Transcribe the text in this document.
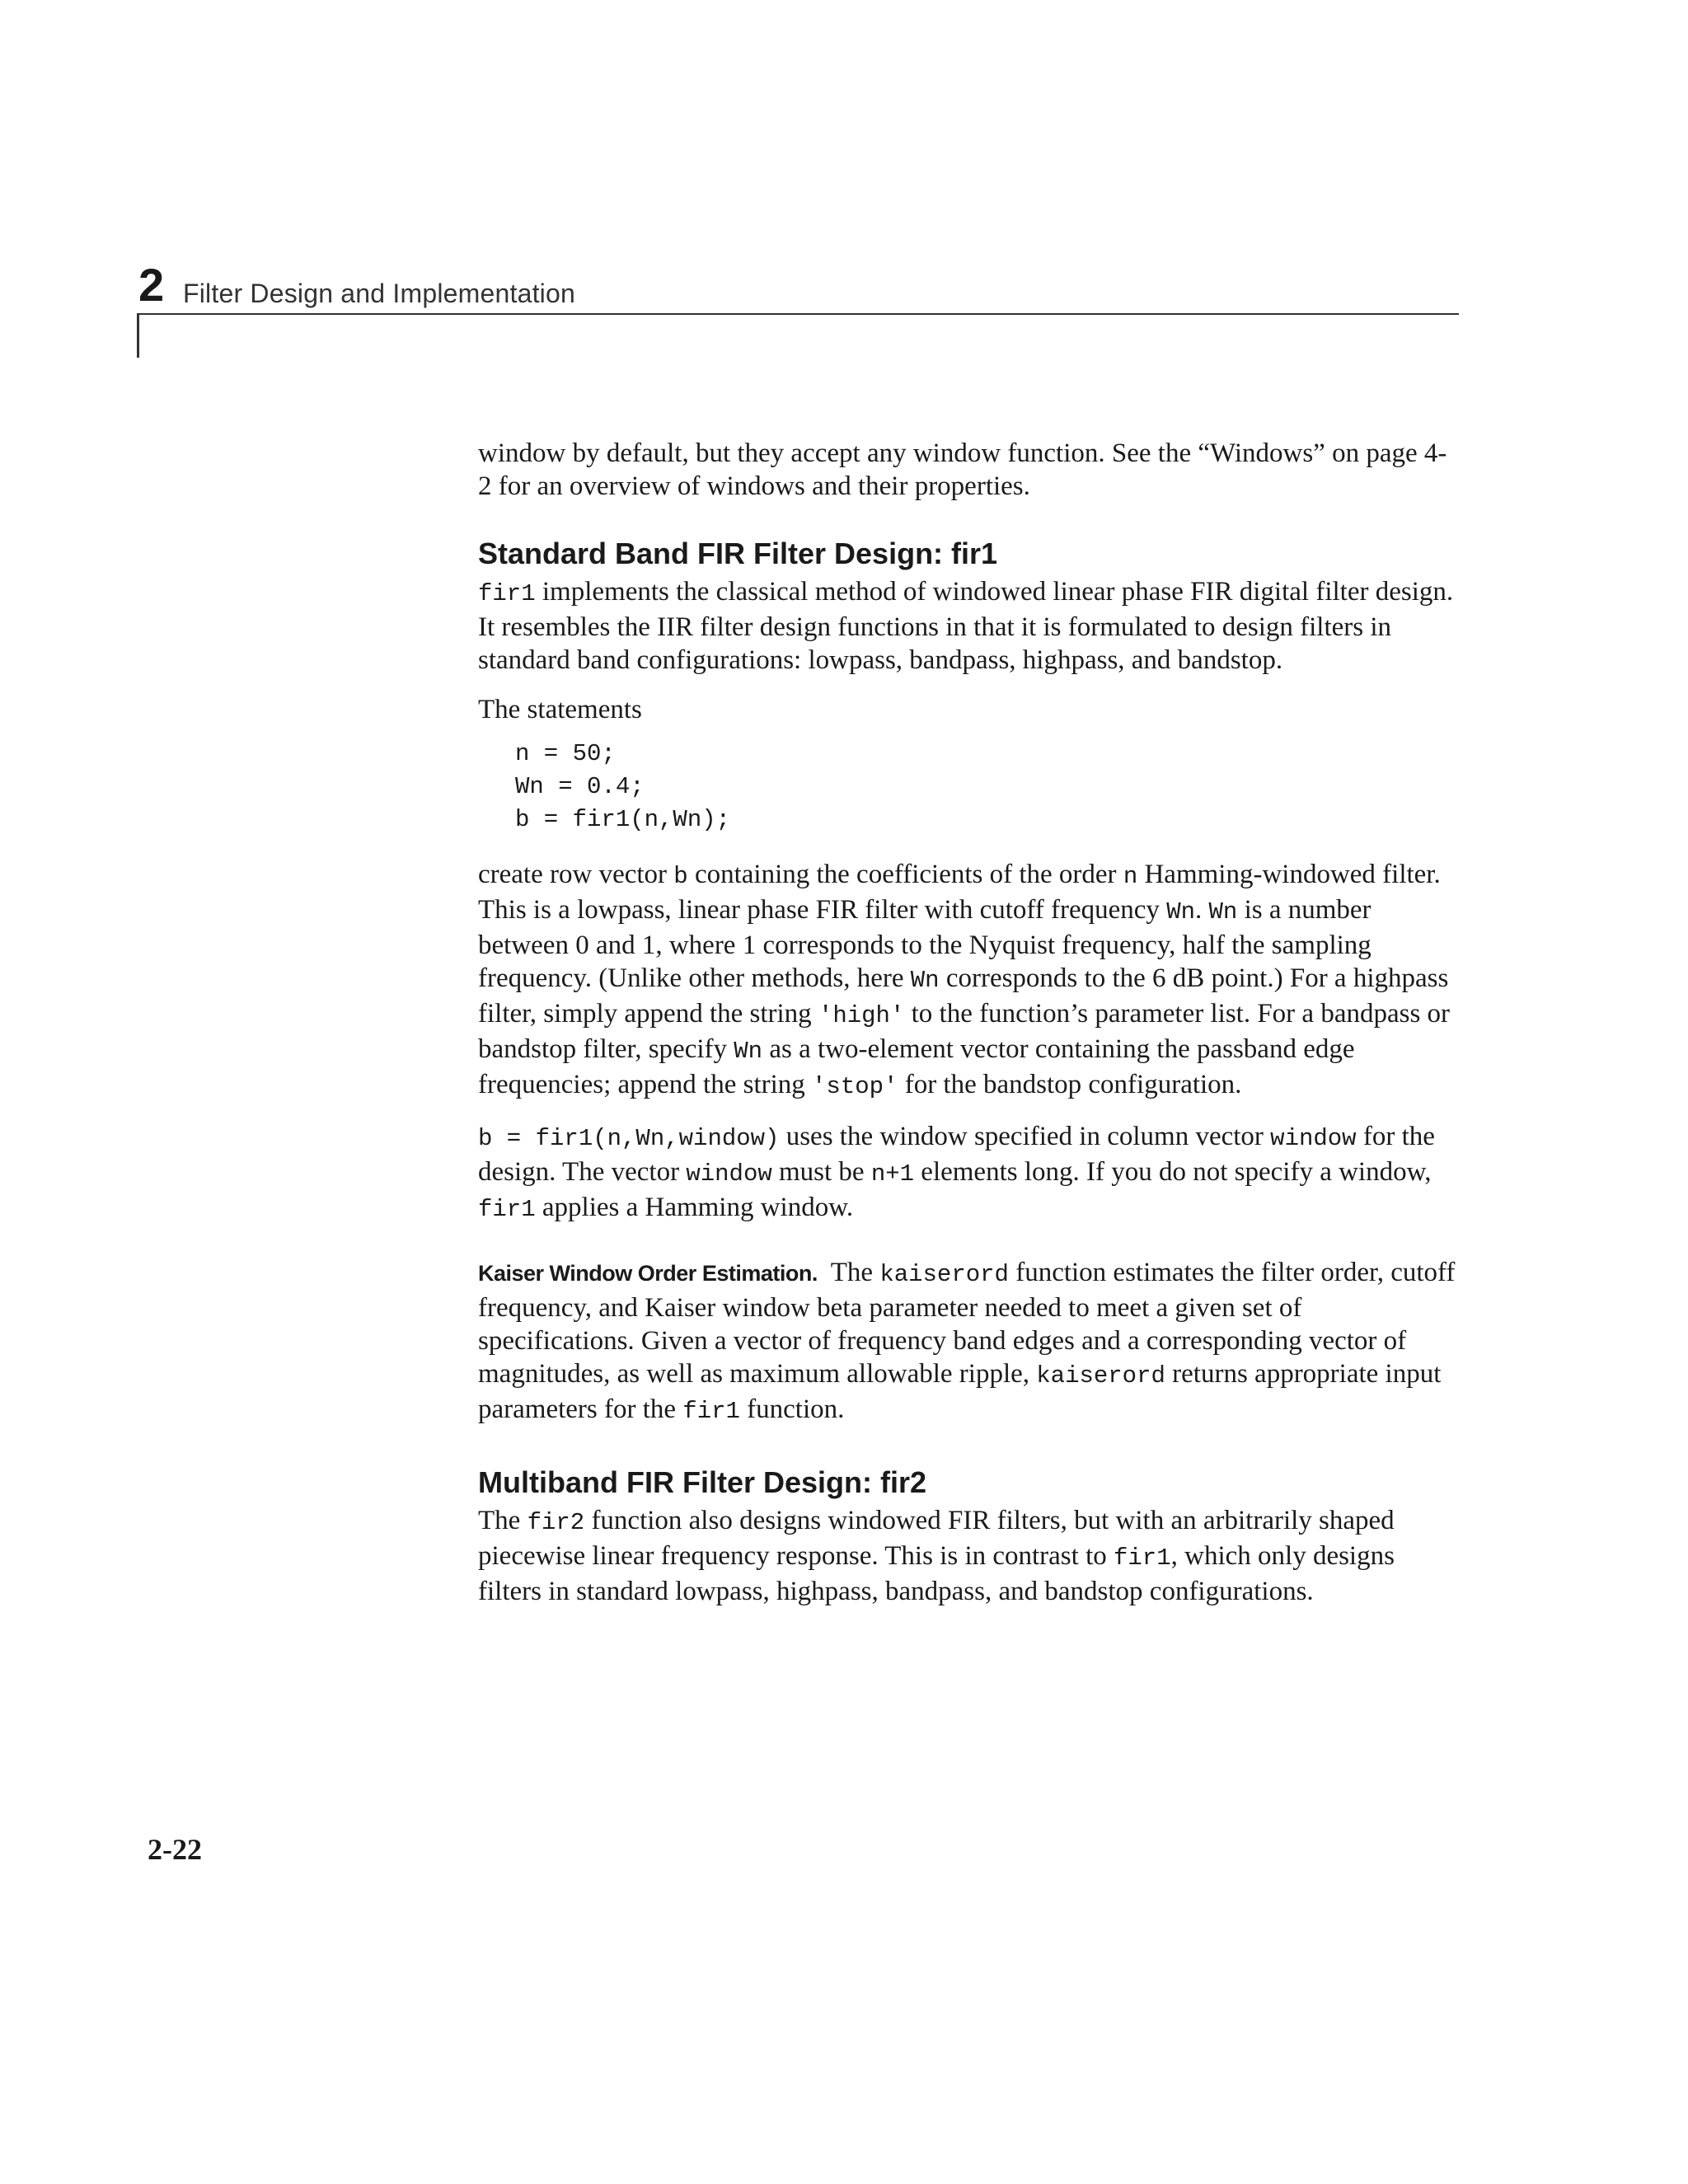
2 Filter Design and Implementation

window by default, but they accept any window function. See the “Windows” on page 4-2 for an overview of windows and their properties.

Standard Band FIR Filter Design: fir1

fir1 implements the classical method of windowed linear phase FIR digital filter design. It resembles the IIR filter design functions in that it is formulated to design filters in standard band configurations: lowpass, bandpass, highpass, and bandstop.

The statements

n = 50;
Wn = 0.4;
b = fir1(n,Wn);

create row vector b containing the coefficients of the order n Hamming-windowed filter. This is a lowpass, linear phase FIR filter with cutoff frequency Wn. Wn is a number between 0 and 1, where 1 corresponds to the Nyquist frequency, half the sampling frequency. (Unlike other methods, here Wn corresponds to the 6 dB point.) For a highpass filter, simply append the string 'high' to the function’s parameter list. For a bandpass or bandstop filter, specify Wn as a two-element vector containing the passband edge frequencies; append the string 'stop' for the bandstop configuration.

b = fir1(n,Wn,window) uses the window specified in column vector window for the design. The vector window must be n+1 elements long. If you do not specify a window, fir1 applies a Hamming window.

Kaiser Window Order Estimation.  The kaiserord function estimates the filter order, cutoff frequency, and Kaiser window beta parameter needed to meet a given set of specifications. Given a vector of frequency band edges and a corresponding vector of magnitudes, as well as maximum allowable ripple, kaiserord returns appropriate input parameters for the fir1 function.

Multiband FIR Filter Design: fir2

The fir2 function also designs windowed FIR filters, but with an arbitrarily shaped piecewise linear frequency response. This is in contrast to fir1, which only designs filters in standard lowpass, highpass, bandpass, and bandstop configurations.

2-22
